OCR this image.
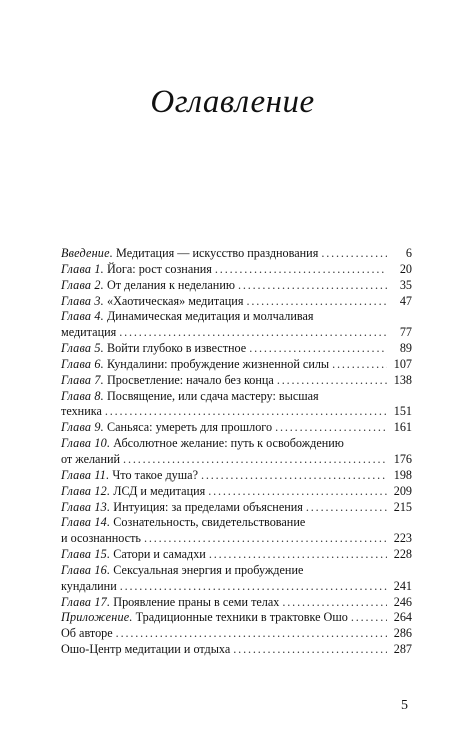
Оглавление
Введение. Медитация — искусство празднования . . .	6
Глава 1. Йога: рост сознания . . .	20
Глава 2. От делания к неделанию . . .	35
Глава 3. «Хаотическая» медитация . . .	47
Глава 4. Динамическая медитация и молчаливая
медитация . . .	77
Глава 5. Войти глубоко в известное . . .	89
Глава 6. Кундалини: пробуждение жизненной силы . . .	107
Глава 7. Просветление: начало без конца . . .	138
Глава 8. Посвящение, или сдача мастеру: высшая
техника . . .	151
Глава 9. Саньяса: умереть для прошлого . . .	161
Глава 10. Абсолютное желание: путь к освобождению
от желаний . . .	176
Глава 11. Что такое душа? . . .	198
Глава 12. ЛСД и медитация . . .	209
Глава 13. Интуиция: за пределами объяснения . . .	215
Глава 14. Сознательность, свидетельствование
и осознанность . . .	223
Глава 15. Сатори и самадхи . . .	228
Глава 16. Сексуальная энергия и пробуждение
кундалини . . .	241
Глава 17. Проявление праны в семи телах . . .	246
Приложение. Традиционные техники в трактовке Ошо . . .	264
Об авторе . . .	286
Ошо-Центр медитации и отдыха . . .	287
5
